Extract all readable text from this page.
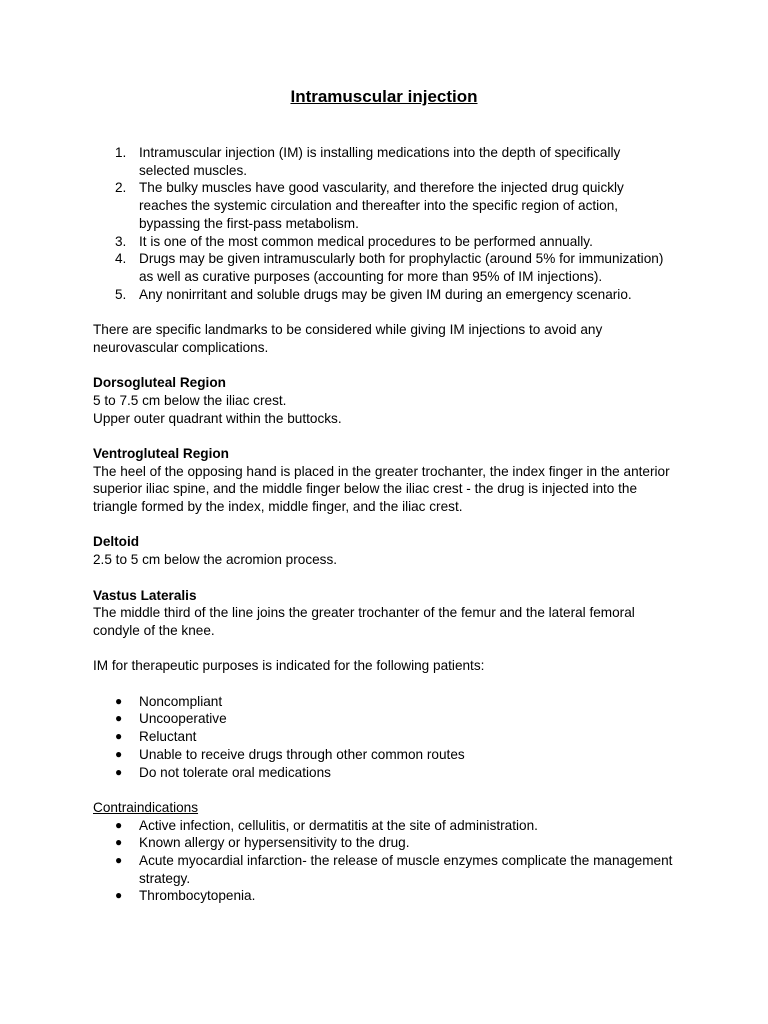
Intramuscular injection
1. Intramuscular injection (IM) is installing medications into the depth of specifically selected muscles.
2. The bulky muscles have good vascularity, and therefore the injected drug quickly reaches the systemic circulation and thereafter into the specific region of action, bypassing the first-pass metabolism.
3. It is one of the most common medical procedures to be performed annually.
4. Drugs may be given intramuscularly both for prophylactic (around 5% for immunization) as well as curative purposes (accounting for more than 95% of IM injections).
5. Any nonirritant and soluble drugs may be given IM during an emergency scenario.

There are specific landmarks to be considered while giving IM injections to avoid any neurovascular complications.

Dorsogluteal Region

5 to 7.5 cm below the iliac crest.

Upper outer quadrant within the buttocks.

Ventrogluteal Region

The heel of the opposing hand is placed in the greater trochanter, the index finger in the anterior superior iliac spine, and the middle finger below the iliac crest - the drug is injected into the triangle formed by the index, middle finger, and the iliac crest.

Deltoid

2.5 to 5 cm below the acromion process.

Vastus Lateralis

The middle third of the line joins the greater trochanter of the femur and the lateral femoral condyle of the knee.

IM for therapeutic purposes is indicated for the following patients:

● Noncompliant
● Uncooperative
● Reluctant
● Unable to receive drugs through other common routes
● Do not tolerate oral medications

Contraindications

● Active infection, cellulitis, or dermatitis at the site of administration.
● Known allergy or hypersensitivity to the drug.
● Acute myocardial infarction- the release of muscle enzymes complicate the management strategy.
● Thrombocytopenia.
